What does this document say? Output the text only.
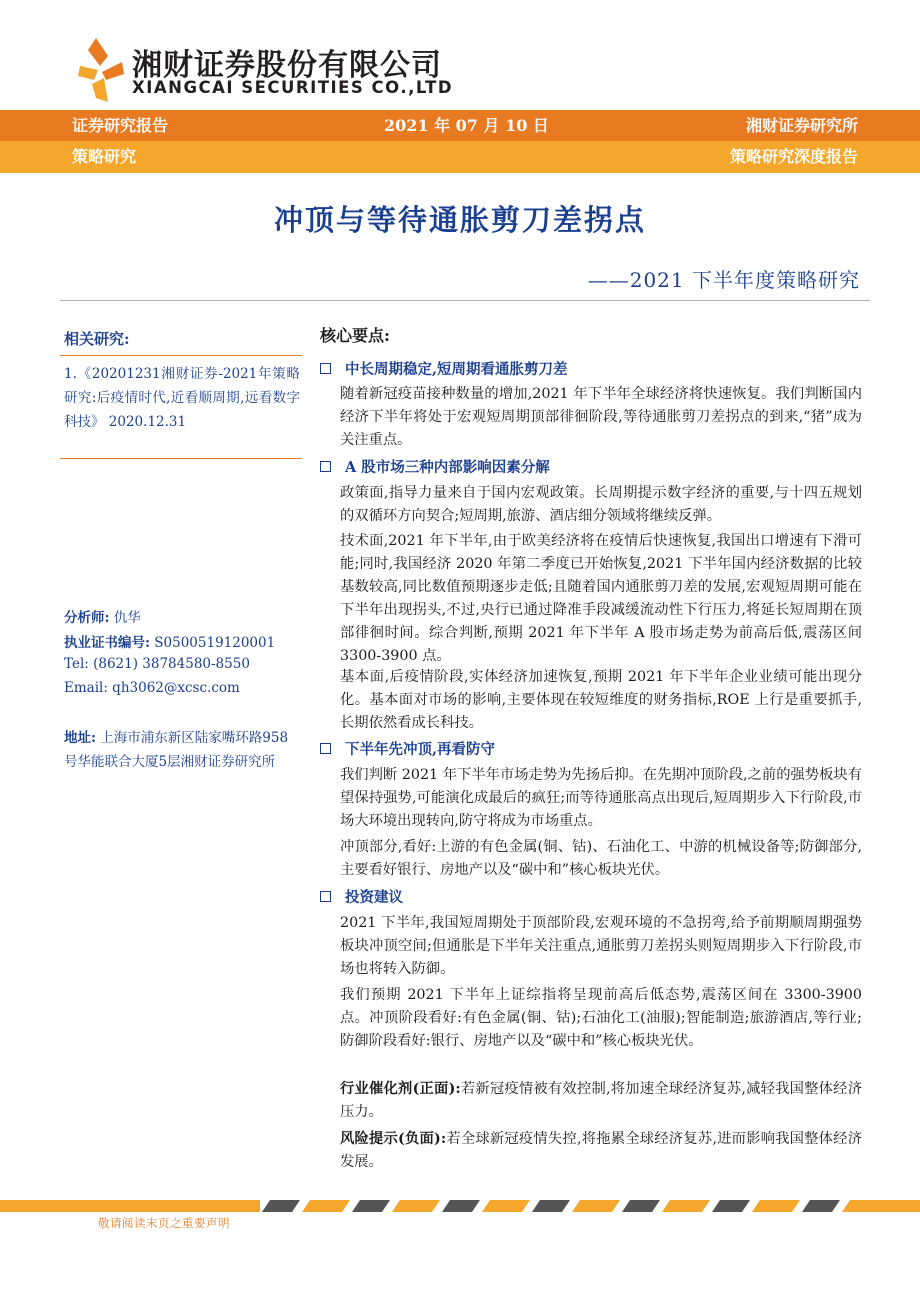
湘财证券股份有限公司
XIANGCAI SECURITIES CO.,LTD
证券研究报告	2021 年 07 月 10 日	湘财证券研究所
策略研究	策略研究深度报告
冲顶与等待通胀剪刀差拐点
——2021 下半年度策略研究
相关研究:
1.《20201231湘财证券-2021年策略研究:后疫情时代,近看顺周期,远看数字科技》 2020.12.31
分析师: 仇华
执业证书编号: S0500519120001
Tel: (8621) 38784580-8550
Email: qh3062@xcsc.com
地址: 上海市浦东新区陆家嘴环路958号华能联合大厦5层湘财证券研究所
核心要点:
中长周期稳定,短周期看通胀剪刀差
随着新冠疫苗接种数量的增加,2021 年下半年全球经济将快速恢复。我们判断国内经济下半年将处于宏观短周期顶部徘徊阶段,等待通胀剪刀差拐点的到来,“猪”成为关注重点。
A 股市场三种内部影响因素分解
政策面,指导力量来自于国内宏观政策。长周期提示数字经济的重要,与十四五规划的双循环方向契合;短周期,旅游、酒店细分领域将继续反弹。
技术面,2021 年下半年,由于欧美经济将在疫情后快速恢复,我国出口增速有下滑可能;同时,我国经济 2020 年第二季度已开始恢复,2021 下半年国内经济数据的比较基数较高,同比数值预期逐步走低;且随着国内通胀剪刀差的发展,宏观短周期可能在下半年出现拐头,不过,央行已通过降准手段减缓流动性下行压力,将延长短周期在顶部徘徊时间。综合判断,预期 2021 年下半年 A 股市场走势为前高后低,震荡区间 3300-3900 点。
基本面,后疫情阶段,实体经济加速恢复,预期 2021 年下半年企业业绩可能出现分化。基本面对市场的影响,主要体现在较短维度的财务指标,ROE 上行是重要抓手,长期依然看成长科技。
下半年先冲顶,再看防守
我们判断 2021 年下半年市场走势为先扬后抑。在先期冲顶阶段,之前的强势板块有望保持强势,可能演化成最后的疯狂;而等待通胀高点出现后,短周期步入下行阶段,市场大环境出现转向,防守将成为市场重点。
冲顶部分,看好:上游的有色金属(铜、钴)、石油化工、中游的机械设备等;防御部分,主要看好银行、房地产以及“碳中和”核心板块光伏。
投资建议
2021 下半年,我国短周期处于顶部阶段,宏观环境的不急拐弯,给予前期顺周期强势板块冲顶空间;但通胀是下半年关注重点,通胀剪刀差拐头则短周期步入下行阶段,市场也将转入防御。
我们预期 2021 下半年上证综指将呈现前高后低态势,震荡区间在 3300-3900 点。冲顶阶段看好:有色金属(铜、钴);石油化工(油服);智能制造;旅游酒店,等行业;防御阶段看好:银行、房地产以及“碳中和”核心板块光伏。
行业催化剂(正面):若新冠疫情被有效控制,将加速全球经济复苏,减轻我国整体经济压力。
风险提示(负面):若全球新冠疫情失控,将拖累全球经济复苏,进而影响我国整体经济发展。
敬请阅读末页之重要声明
